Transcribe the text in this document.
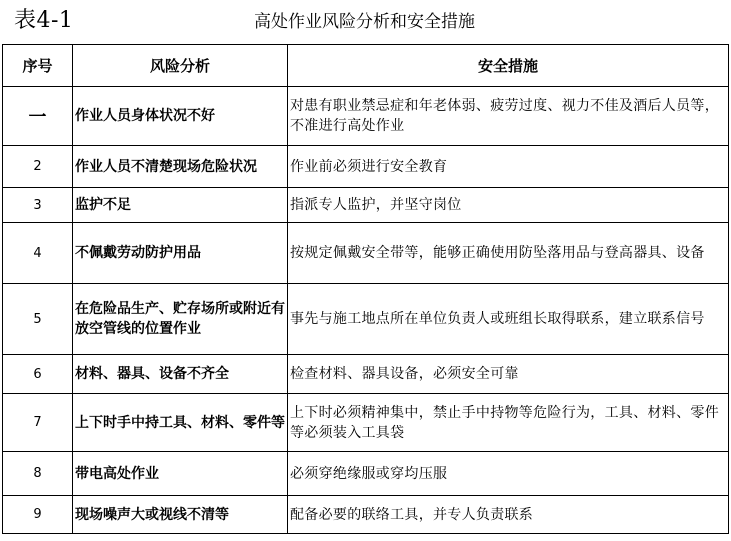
表4-1	高处作业风险分析和安全措施
序号	风险分析	安全措施
一	作业人员身体状况不好	对患有职业禁忌症和年老体弱、疲劳过度、视力不佳及酒后人员等，不准进行高处作业
2	作业人员不清楚现场危险状况	作业前必须进行安全教育
3	监护不足	指派专人监护，并坚守岗位
4	不佩戴劳动防护用品	按规定佩戴安全带等，能够正确使用防坠落用品与登高器具、设备
5	在危险品生产、贮存场所或附近有放空管线的位置作业	事先与施工地点所在单位负责人或班组长取得联系，建立联系信号
6	材料、器具、设备不齐全	检查材料、器具设备，必须安全可靠
7	上下时手中持工具、材料、零件等	上下时必须精神集中，禁止手中持物等危险行为，工具、材料、零件等必须装入工具袋
8	带电高处作业	必须穿绝缘服或穿均压服
9	现场噪声大或视线不清等	配备必要的联络工具，并专人负责联系
